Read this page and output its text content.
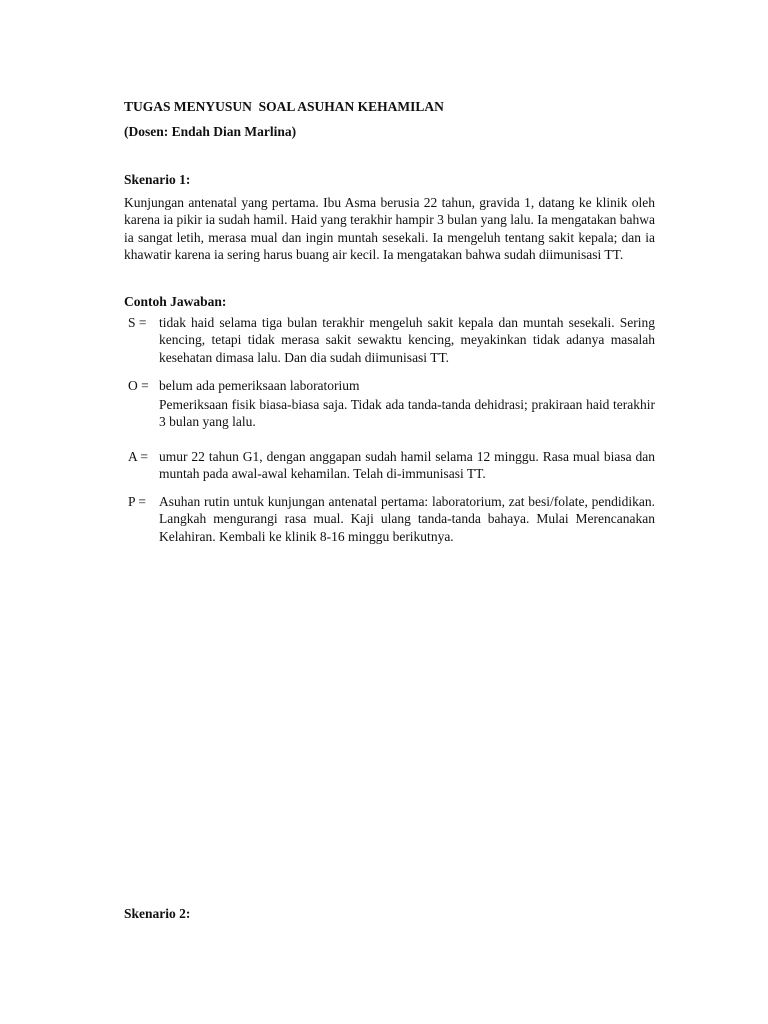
TUGAS MENYUSUN  SOAL ASUHAN KEHAMILAN
(Dosen: Endah Dian Marlina)
Skenario 1:
Kunjungan antenatal yang pertama. Ibu Asma berusia 22 tahun, gravida 1, datang ke klinik oleh karena ia pikir ia sudah hamil. Haid yang terakhir hampir 3 bulan yang lalu. Ia mengatakan bahwa ia sangat letih, merasa mual dan ingin muntah sesekali. Ia mengeluh tentang sakit kepala; dan ia khawatir karena ia sering harus buang air kecil. Ia mengatakan bahwa sudah diimunisasi TT.
Contoh Jawaban:
S = tidak haid selama tiga bulan terakhir mengeluh sakit kepala dan muntah sesekali. Sering kencing, tetapi tidak merasa sakit sewaktu kencing, meyakinkan tidak adanya masalah kesehatan dimasa lalu. Dan dia sudah diimunisasi TT.
O = belum ada pemeriksaan laboratorium
Pemeriksaan fisik biasa-biasa saja. Tidak ada tanda-tanda dehidrasi; prakiraan haid terakhir 3 bulan yang lalu.
A = umur 22 tahun G1, dengan anggapan sudah hamil selama 12 minggu. Rasa mual biasa dan muntah pada awal-awal kehamilan. Telah di-immunisasi TT.
P = Asuhan rutin untuk kunjungan antenatal pertama: laboratorium, zat besi/folate, pendidikan. Langkah mengurangi rasa mual. Kaji ulang tanda-tanda bahaya. Mulai Merencanakan Kelahiran. Kembali ke klinik 8-16 minggu berikutnya.
Skenario 2:
